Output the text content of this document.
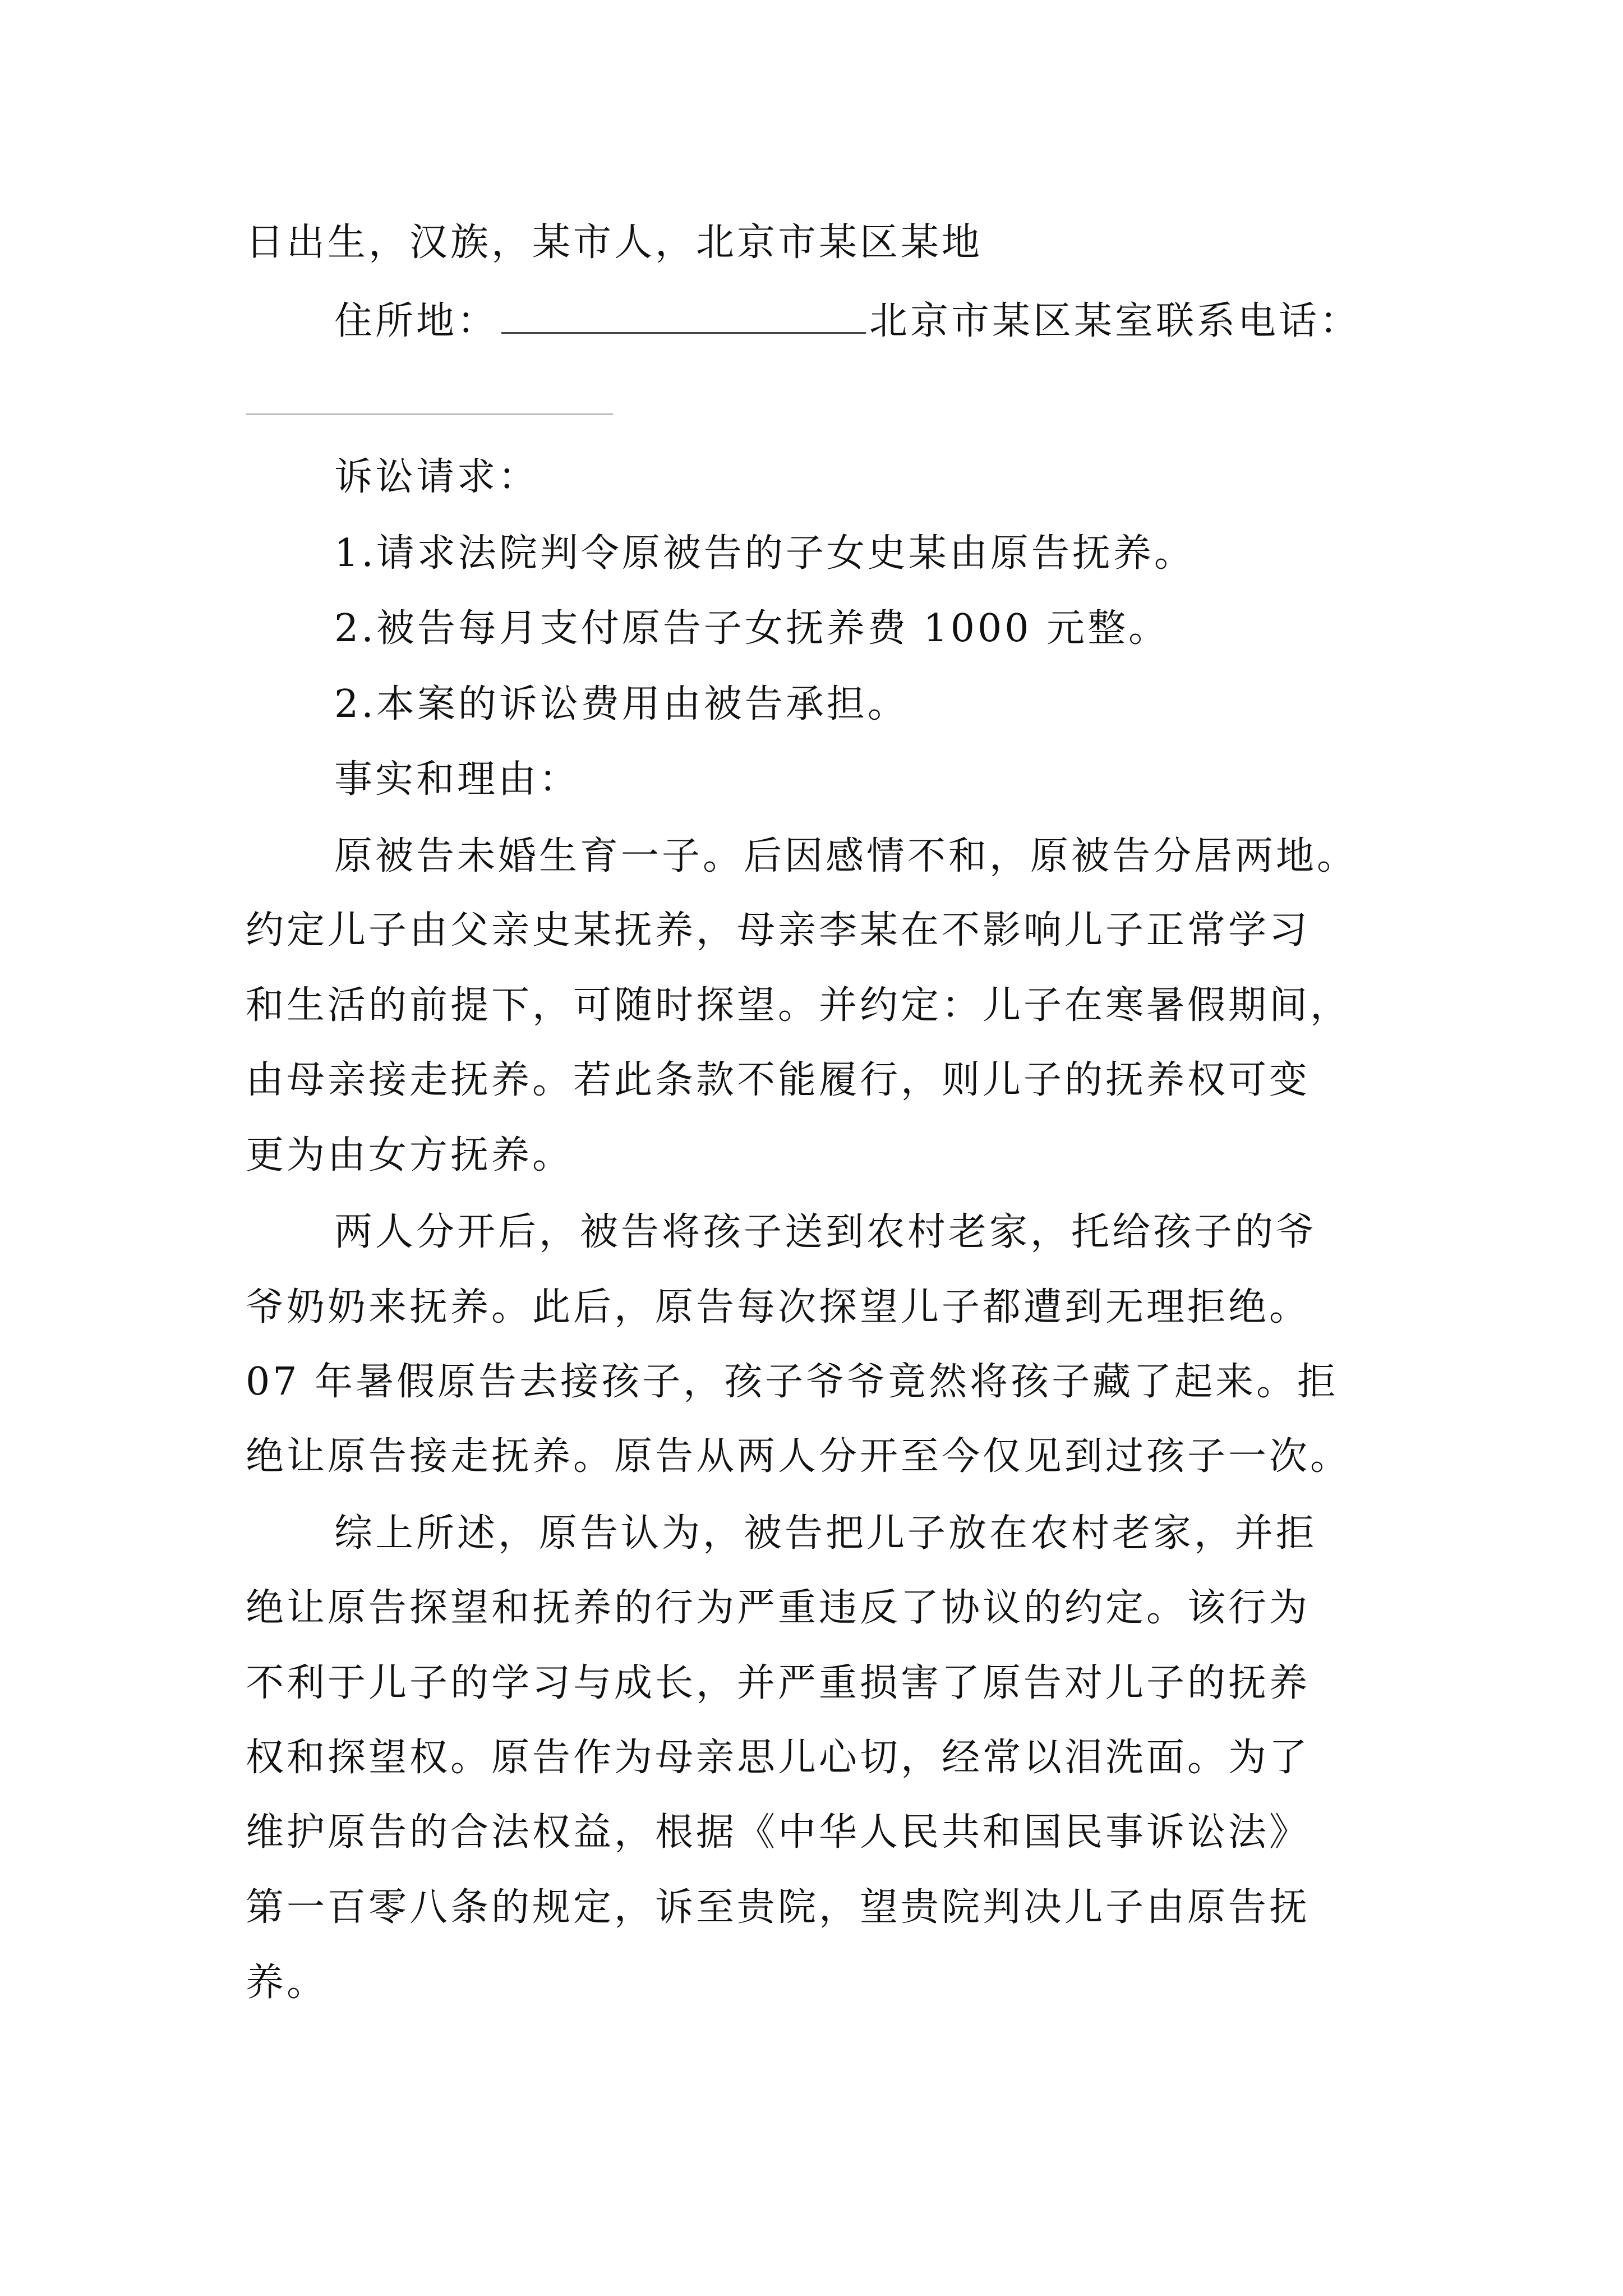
日出生，汉族，某市人，北京市某区某地
住所地：	北京市某区某室联系电话：
诉讼请求：
1.请求法院判令原被告的子女史某由原告抚养。
2.被告每月支付原告子女抚养费 1000 元整。
2.本案的诉讼费用由被告承担。
事实和理由：
原被告未婚生育一子。后因感情不和，原被告分居两地。
约定儿子由父亲史某抚养，母亲李某在不影响儿子正常学习
和生活的前提下，可随时探望。并约定：儿子在寒暑假期间，
由母亲接走抚养。若此条款不能履行，则儿子的抚养权可变
更为由女方抚养。
两人分开后，被告将孩子送到农村老家，托给孩子的爷
爷奶奶来抚养。此后，原告每次探望儿子都遭到无理拒绝。
07 年暑假原告去接孩子，孩子爷爷竟然将孩子藏了起来。拒
绝让原告接走抚养。原告从两人分开至今仅见到过孩子一次。
综上所述，原告认为，被告把儿子放在农村老家，并拒
绝让原告探望和抚养的行为严重违反了协议的约定。该行为
不利于儿子的学习与成长，并严重损害了原告对儿子的抚养
权和探望权。原告作为母亲思儿心切，经常以泪洗面。为了
维护原告的合法权益，根据《中华人民共和国民事诉讼法》
第一百零八条的规定，诉至贵院，望贵院判决儿子由原告抚
养。
